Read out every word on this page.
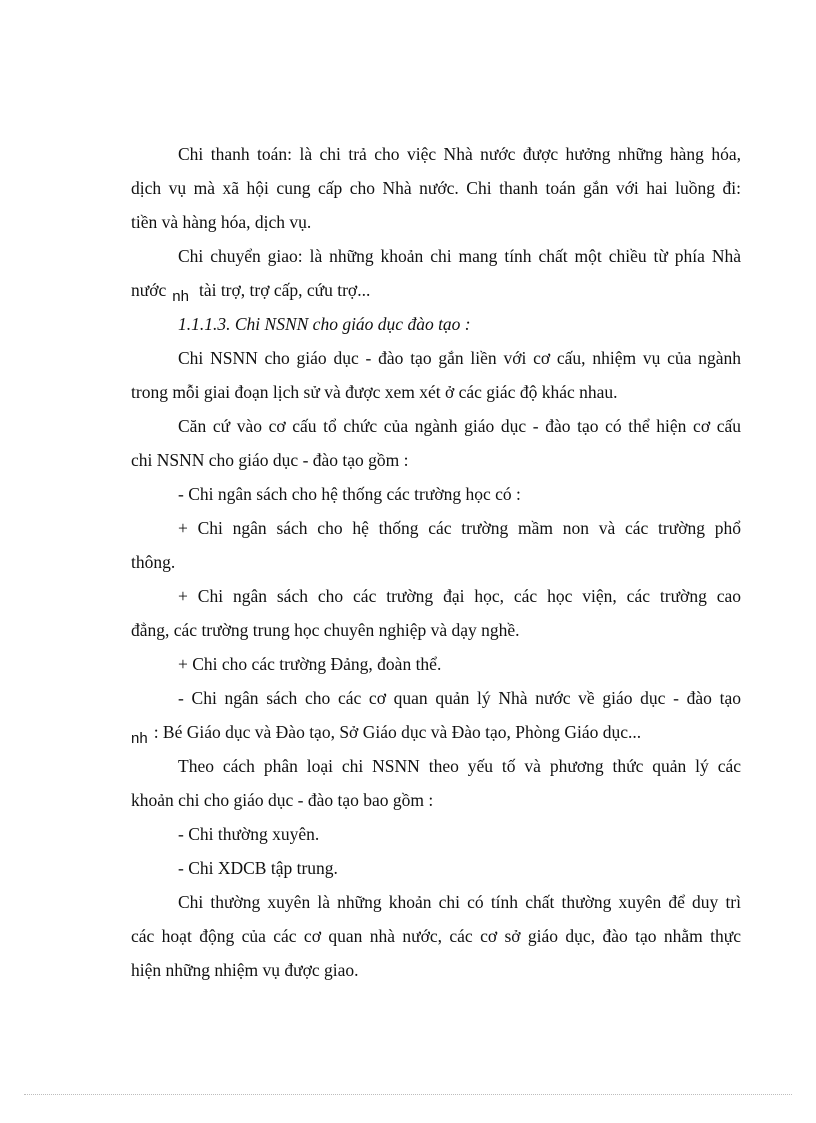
Chi thanh toán: là chi trả cho việc Nhà nước được hưởng những hàng hóa,
dịch vụ mà xã hội cung cấp cho Nhà nước. Chi thanh toán gắn với hai luồng đi:
tiền và hàng hóa, dịch vụ.
Chi chuyển giao: là những khoản chi mang tính chất một chiều từ phía Nhà
nước nh tài trợ, trợ cấp, cứu trợ...
1.1.1.3. Chi NSNN cho giáo dục đào tạo :
Chi NSNN cho giáo dục - đào tạo gắn liền với cơ cấu, nhiệm vụ của ngành
trong mỗi giai đoạn lịch sử và được xem xét ở các giác độ khác nhau.
Căn cứ vào cơ cấu tổ chức của ngành giáo dục - đào tạo có thể hiện cơ cấu
chi NSNN cho giáo dục - đào tạo gồm :
- Chi ngân sách cho hệ thống các trường học có :
+ Chi ngân sách cho hệ thống các trường mầm non và các trường phổ
thông.
+ Chi ngân sách cho các trường đại học, các học viện, các trường cao
đẳng, các trường trung học chuyên nghiệp và dạy nghề.
+ Chi cho các trường Đảng, đoàn thể.
- Chi ngân sách cho các cơ quan quản lý Nhà nước về giáo dục - đào tạo
nh : Bé Giáo dục và Đào tạo, Sở Giáo dục và Đào tạo, Phòng Giáo dục...
Theo cách phân loại chi NSNN theo yếu tố và phương thức quản lý các
khoản chi cho giáo dục - đào tạo bao gồm :
- Chi thường xuyên.
- Chi XDCB tập trung.
Chi thường xuyên là những khoản chi có tính chất thường xuyên để duy trì
các hoạt động của các cơ quan nhà nước, các cơ sở giáo dục, đào tạo nhằm thực
hiện những nhiệm vụ được giao.
